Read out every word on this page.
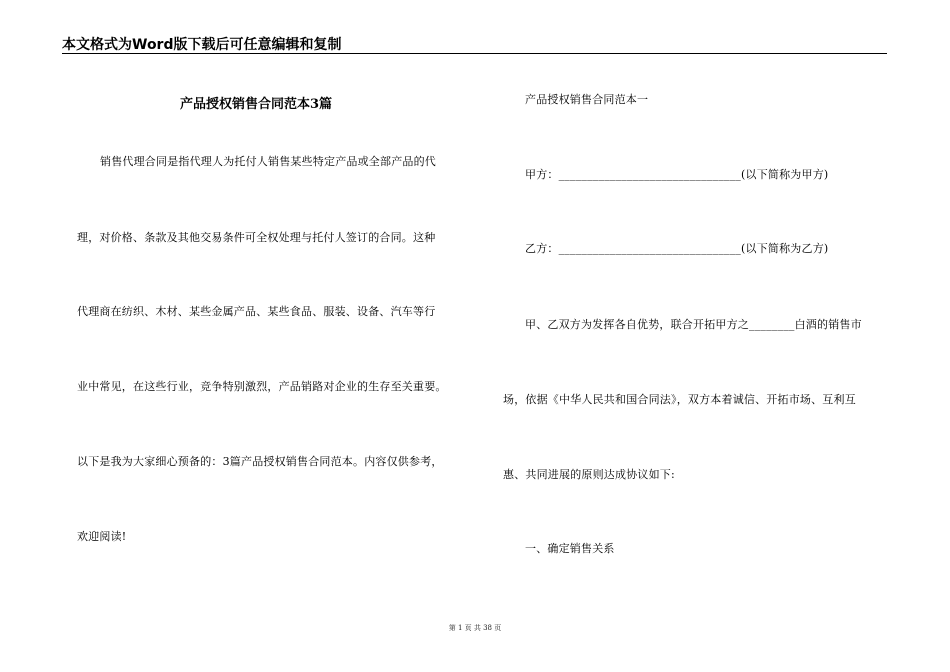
本文格式为Word版下载后可任意编辑和复制
产品授权销售合同范本3篇
销售代理合同是指代理人为托付人销售某些特定产品或全部产品的代
理，对价格、条款及其他交易条件可全权处理与托付人签订的合同。这种
代理商在纺织、木材、某些金属产品、某些食品、服装、设备、汽车等行
业中常见，在这些行业，竞争特别激烈，产品销路对企业的生存至关重要。
以下是我为大家细心预备的：3篇产品授权销售合同范本。内容仅供参考，
欢迎阅读!
产品授权销售合同范本一
甲方：________________________________(以下简称为甲方)
乙方：________________________________(以下简称为乙方)
甲、乙双方为发挥各自优势，联合开拓甲方之________白酒的销售市
场，依据《中华人民共和国合同法》，双方本着诚信、开拓市场、互利互
惠、共同进展的原则达成协议如下:
一、确定销售关系
第 1 页 共 38 页
